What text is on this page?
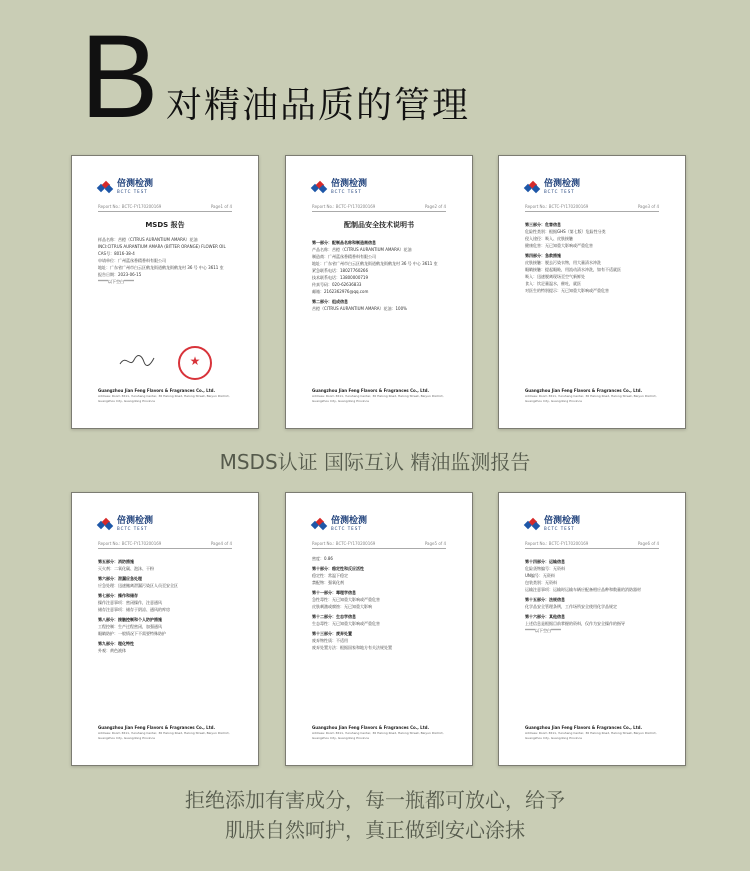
B 对精油品质的管理
倍测检测
BCTC TEST
Report No.: BCTC-FY170200169	Page1 of 4
MSDS 报告
样品名称：苦橙（CITRUS AURANTIUM AMARA）花油
INCI:CITRUS AURANTIUM AMARA (BITTER ORANGE) FLOWER OIL
CAS号：8016-38-4
申请单位：广州蓝丝香精香料有限公司
地址：广东省广州市白云区鹤龙街道鹤龙街鹤龙村 36 号 中心 3611 室
报告日期：2023-06-15
*****以下空白*****
★
Guangzhou Jian Feng Flavors & Fragrances Co., Ltd.
Address: Room 3611, Yunsheng Center, 36 Helong Road, Helong Street, Baiyun District, Guangzhou City, Guangdong Province
倍测检测
BCTC TEST
Report No.: BCTC-FY170200169	Page2 of 4
配制品安全技术说明书
第一部分：配制品名称和制造商信息
产品名称：苦橙（CITRUS AURANTIUM AMARA）花油
制造商：广州蓝丝香精香料有限公司
地址：广东省广州市白云区鹤龙街道鹤龙街鹤龙村 36 号 中心 3611 室
紧急联系电话：18027760266
技术联系电话：13800000719
传真号码：020-62636833
邮箱：2162362976@qq.com
第二部分：组成信息
苦橙（CITRUS AURANTIUM AMARA）花油：100%
Guangzhou Jian Feng Flavors & Fragrances Co., Ltd.
Address: Room 3611, Yunsheng Center, 36 Helong Road, Helong Street, Baiyun District, Guangzhou City, Guangdong Province
倍测检测
BCTC TEST
Report No.: BCTC-FY170200169	Page3 of 4
第三部分：危害信息
危险性类别：根据GHS（第七版）危险性分类
侵入途径：吸入、皮肤接触
健康危害：无已知重大影响或严重危害
第四部分：急救措施
皮肤接触：脱去污染衣物，用大量清水冲洗
眼睛接触：提起眼睑，用流动清水冲洗，如有不适就医
吸入：迅速脱离现场至空气新鲜处
食入：饮足量温水，催吐，就医
对医生的特别提示：无已知重大影响或严重危害
Guangzhou Jian Feng Flavors & Fragrances Co., Ltd.
Address: Room 3611, Yunsheng Center, 36 Helong Road, Helong Street, Baiyun District, Guangzhou City, Guangdong Province
MSDS认证 国际互认 精油监测报告
倍测检测
BCTC TEST
Report No.: BCTC-FY170200169	Page4 of 4
第五部分：消防措施
灭火剂：二氧化碳、泡沫、干粉
第六部分：泄漏应急处理
应急处理：迅速撤离泄漏污染区人员至安全区
第七部分：操作和储存
操作注意事项：密闭操作，注意通风
储存注意事项：储存于阴凉、通风的库房
第八部分：接触控制和个人防护措施
工程控制：生产过程密闭，加强通风
眼睛防护：一般情况下不需要特殊防护
第九部分：理化特性
外观：黄色液体
Guangzhou Jian Feng Flavors & Fragrances Co., Ltd.
Address: Room 3611, Yunsheng Center, 36 Helong Road, Helong Street, Baiyun District, Guangzhou City, Guangdong Province
倍测检测
BCTC TEST
Report No.: BCTC-FY170200169	Page5 of 4
密度：0.86
第十部分：稳定性和反应活性
稳定性：常温下稳定
禁配物：强氧化剂
第十一部分：毒理学信息
急性毒性：无已知重大影响或严重危害
皮肤刺激或腐蚀：无已知重大影响
第十二部分：生态学信息
生态毒性：无已知重大影响或严重危害
第十三部分：废弃处置
废弃物性质：不适用
废弃处置方法：根据国家和地方有关法规处置
Guangzhou Jian Feng Flavors & Fragrances Co., Ltd.
Address: Room 3611, Yunsheng Center, 36 Helong Road, Helong Street, Baiyun District, Guangzhou City, Guangdong Province
倍测检测
BCTC TEST
Report No.: BCTC-FY170200169	Page6 of 4
第十四部分：运输信息
危险货物编号：无资料
UN编号：无资料
包装类别：无资料
运输注意事项：运输时运输车辆应配备相应品种和数量的消防器材
第十五部分：法规信息
化学品安全管理条例，工作场所安全使用化学品规定
第十六部分：其他信息
上述信息是根据目前掌握的资料，仅作为安全操作的指导
*****以下空白*****
Guangzhou Jian Feng Flavors & Fragrances Co., Ltd.
Address: Room 3611, Yunsheng Center, 36 Helong Road, Helong Street, Baiyun District, Guangzhou City, Guangdong Province
拒绝添加有害成分，每一瓶都可放心，给予
肌肤自然呵护，真正做到安心涂抹
